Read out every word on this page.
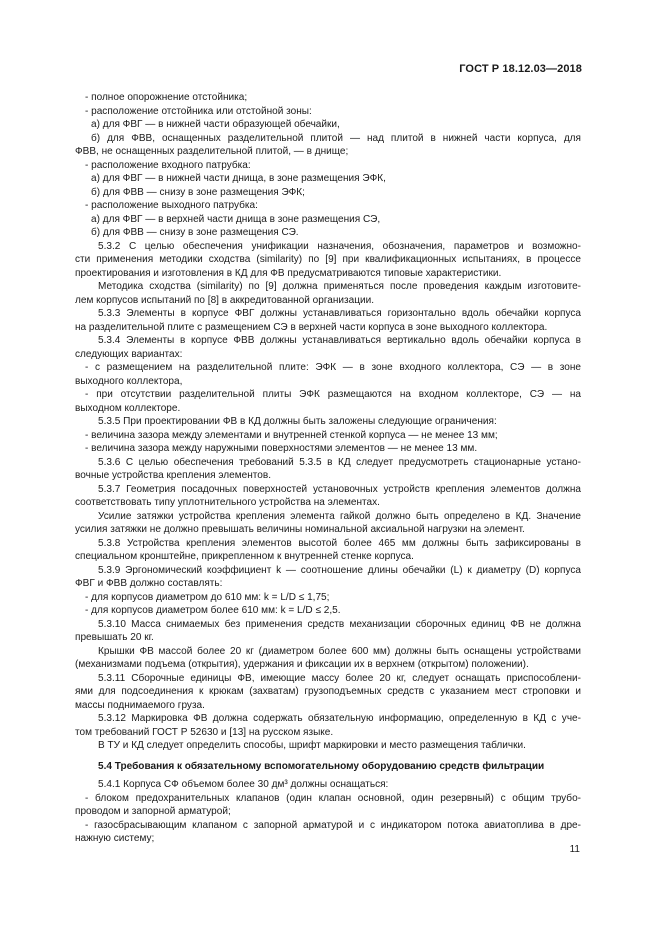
ГОСТ Р 18.12.03—2018
- полное опорожнение отстойника;
- расположение отстойника или отстойной зоны:
а) для ФВГ — в нижней части образующей обечайки,
б) для ФВВ, оснащенных разделительной плитой — над плитой в нижней части корпуса, для
ФВВ, не оснащенных разделительной плитой, — в днище;
- расположение входного патрубка:
а) для ФВГ — в нижней части днища, в зоне размещения ЭФК,
б) для ФВВ — снизу в зоне размещения ЭФК;
- расположение выходного патрубка:
а) для ФВГ — в верхней части днища в зоне размещения СЭ,
б) для ФВВ — снизу в зоне размещения СЭ.
5.3.2 С целью обеспечения унификации назначения, обозначения, параметров и возможно-
сти применения методики сходства (similarity) по [9] при квалификационных испытаниях, в процессе
проектирования и изготовления в КД для ФВ предусматриваются типовые характеристики.
Методика сходства (similarity) по [9] должна применяться после проведения каждым изготовите-
лем корпусов испытаний по [8] в аккредитованной организации.
5.3.3 Элементы в корпусе ФВГ должны устанавливаться горизонтально вдоль обечайки корпуса
на разделительной плите с размещением СЭ в верхней части корпуса в зоне выходного коллектора.
5.3.4 Элементы в корпусе ФВВ должны устанавливаться вертикально вдоль обечайки корпуса в
следующих вариантах:
- с размещением на разделительной плите: ЭФК — в зоне входного коллектора, СЭ — в зоне
выходного коллектора,
- при отсутствии разделительной плиты ЭФК размещаются на входном коллекторе, СЭ — на
выходном коллекторе.
5.3.5 При проектировании ФВ в КД должны быть заложены следующие ограничения:
- величина зазора между элементами и внутренней стенкой корпуса — не менее 13 мм;
- величина зазора между наружными поверхностями элементов — не менее 13 мм.
5.3.6 С целью обеспечения требований 5.3.5 в КД следует предусмотреть стационарные устано-
вочные устройства крепления элементов.
5.3.7 Геометрия посадочных поверхностей установочных устройств крепления элементов должна
соответствовать типу уплотнительного устройства на элементах.
Усилие затяжки устройства крепления элемента гайкой должно быть определено в КД. Значение
усилия затяжки не должно превышать величины номинальной аксиальной нагрузки на элемент.
5.3.8 Устройства крепления элементов высотой более 465 мм должны быть зафиксированы в
специальном кронштейне, прикрепленном к внутренней стенке корпуса.
5.3.9 Эргономический коэффициент k — соотношение длины обечайки (L) к диаметру (D) корпуса
ФВГ и ФВВ должно составлять:
- для корпусов диаметром до 610 мм: k = L/D ≤ 1,75;
- для корпусов диаметром более 610 мм: k = L/D ≤ 2,5.
5.3.10 Масса снимаемых без применения средств механизации сборочных единиц ФВ не должна
превышать 20 кг.
Крышки ФВ массой более 20 кг (диаметром более 600 мм) должны быть оснащены устройствами
(механизмами подъема (открытия), удержания и фиксации их в верхнем (открытом) положении).
5.3.11 Сборочные единицы ФВ, имеющие массу более 20 кг, следует оснащать приспособлени-
ями для подсоединения к крюкам (захватам) грузоподъемных средств с указанием мест строповки и
массы поднимаемого груза.
5.3.12 Маркировка ФВ должна содержать обязательную информацию, определенную в КД с уче-
том требований ГОСТ Р 52630 и [13] на русском языке.
В ТУ и КД следует определить способы, шрифт маркировки и место размещения таблички.
5.4 Требования к обязательному вспомогательному оборудованию средств фильтрации
5.4.1 Корпуса СФ объемом более 30 дм³ должны оснащаться:
- блоком предохранительных клапанов (один клапан основной, один резервный) с общим трубо-
проводом и запорной арматурой;
- газосбрасывающим клапаном с запорной арматурой и с индикатором потока авиатоплива в дре-
нажную систему;
11
